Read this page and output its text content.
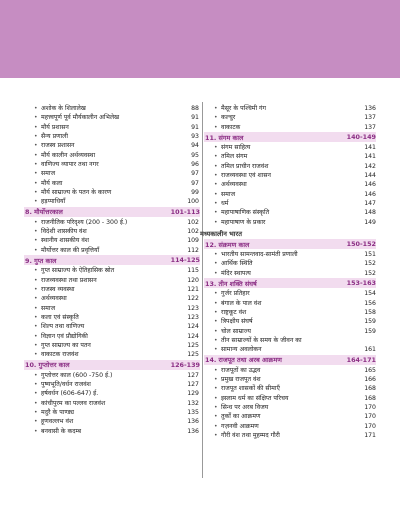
• अशोक के शिलालेख	88
• महत्त्वपूर्ण पूर्व मौर्यकालीन अभिलेख	91
• मौर्य प्रशासन	91
• सैन्य प्रणाली	93
• राजस्व प्रशासन	94
• मौर्य कालीन अर्थव्यवस्था	95
• वाणिज्य व्यापार तथा नगर	96
• समाज	97
• मौर्य कला	97
• मौर्य साम्राज्य के पतन के कारण	99
• हड़प्पाधियाँ	100
8. मौर्योत्तरकाल	101-113
• राजनीतिक परिदृश्य (200 - 300 ई.)	102
• विदेशी शासकीय वंश	102
• स्थानीय शासकीय वंश	109
• मौर्योत्तर काल की प्रवृत्तियाँ	112
9. गुप्त काल	114-125
• गुप्त साम्राज्य के ऐतिहासिक स्रोत	115
• राजव्यवस्था तथा प्रशासन	120
• राजस्व व्यवस्था	121
• अर्थव्यवस्था	122
• समाज	123
• कला एवं संस्कृति	123
• शिल्प तथा वाणिज्य	124
• विज्ञान एवं प्रौद्योगिकी	124
• गुप्त साम्राज्य का पतन	125
• वाकाटक राजवंश	125
10. गुप्तोत्तर काल	126-139
• गुप्तोत्तर काल (600 -750 ई.)	127
• पुष्यभूति/वर्धन राजवंश	127
• हर्षवर्धन (606-647) ई.	129
• कांचीपुरम का पल्लव राजवंश	132
• मदुरै के पाण्ड्य	135
• हूणवल्लभ वंश	136
• बनवासी के कदम्ब	136
• मैसूर के पश्चिमी गंग	136
• कल्चुर	137
• वाकाटक	137
11. संगम काल	140-149
• संगम साहित्य	141
• तमिल संगम	141
• तमिल प्राचीन राजवंश	142
• राजव्यवस्था एवं शासन	144
• अर्थव्यवस्था	146
• समाज	146
• धर्म	147
• महापाषाणिक संस्कृति	148
• महापाषाण के प्रकार	149
मध्यकालीन भारत
12. संक्रमण काल	150-152
• भारतीय सामन्तवाद-सामंती प्रणाली	151
• आर्थिक स्थिति	152
• मंदिर स्थापत्य	152
13. तीन शक्ति संघर्ष	153-163
• गुर्जर प्रतिहार	154
• बंगाल के पाल वंश	156
• राष्ट्रकूट वंश	158
• त्रिपक्षीय संघर्ष	159
• चोल साम्राज्य	159
• तीन साम्राज्यों के समय के जीवन का
• सामान्य अवलोकन	161
14. राजपूत तथा अरब आक्रमण	164-171
• राजपूतों का उद्भव	165
• प्रमुख राजपूत वंश	166
• राजपूत शासकों की सीमाएँ	168
• इस्लाम धर्म का संक्षिप्त परिचय	168
• सिन्ध पर अरब विजय	170
• तुर्कों का आक्रमण	170
• गज़नवी आक्रमण	170
• गौरी वंश तथा मुहम्मद गौरी	171
